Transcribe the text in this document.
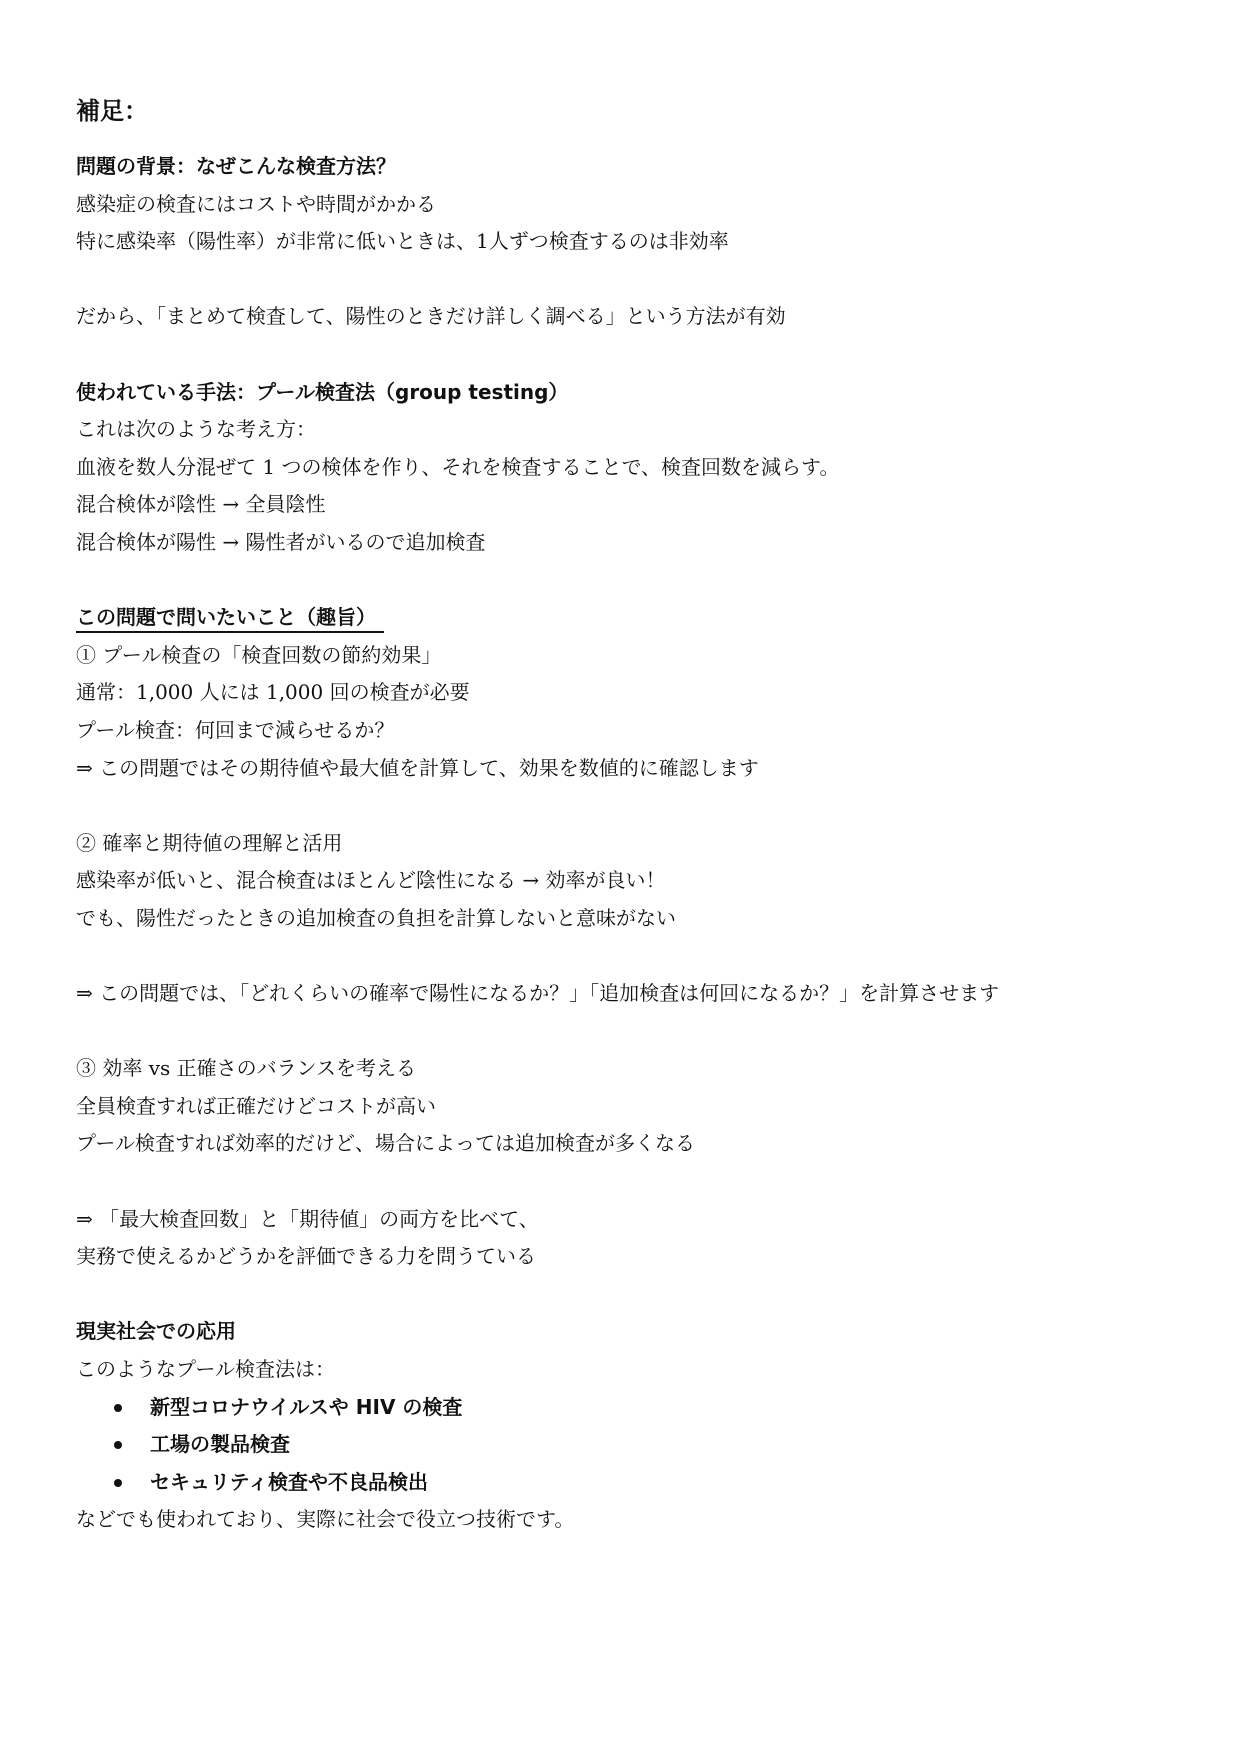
補足：
問題の背景：なぜこんな検査方法？
感染症の検査にはコストや時間がかかる
特に感染率（陽性率）が非常に低いときは、1人ずつ検査するのは非効率
だから、「まとめて検査して、陽性のときだけ詳しく調べる」という方法が有効
使われている手法：プール検査法（group testing）
これは次のような考え方：
血液を数人分混ぜて 1 つの検体を作り、それを検査することで、検査回数を減らす。
混合検体が陰性 → 全員陰性
混合検体が陽性 → 陽性者がいるので追加検査
この問題で問いたいこと（趣旨）
① プール検査の「検査回数の節約効果」
通常：1,000 人には 1,000 回の検査が必要
プール検査：何回まで減らせるか？
⇒ この問題ではその期待値や最大値を計算して、効果を数値的に確認します
② 確率と期待値の理解と活用
感染率が低いと、混合検査はほとんど陰性になる → 効率が良い！
でも、陽性だったときの追加検査の負担を計算しないと意味がない
⇒ この問題では、「どれくらいの確率で陽性になるか？」「追加検査は何回になるか？」を計算させます
③ 効率 vs 正確さのバランスを考える
全員検査すれば正確だけどコストが高い
プール検査すれば効率的だけど、場合によっては追加検査が多くなる
⇒ 「最大検査回数」と「期待値」の両方を比べて、
実務で使えるかどうかを評価できる力を問うている
現実社会での応用
このようなプール検査法は：
新型コロナウイルスや HIV の検査
工場の製品検査
セキュリティ検査や不良品検出
などでも使われており、実際に社会で役立つ技術です。
